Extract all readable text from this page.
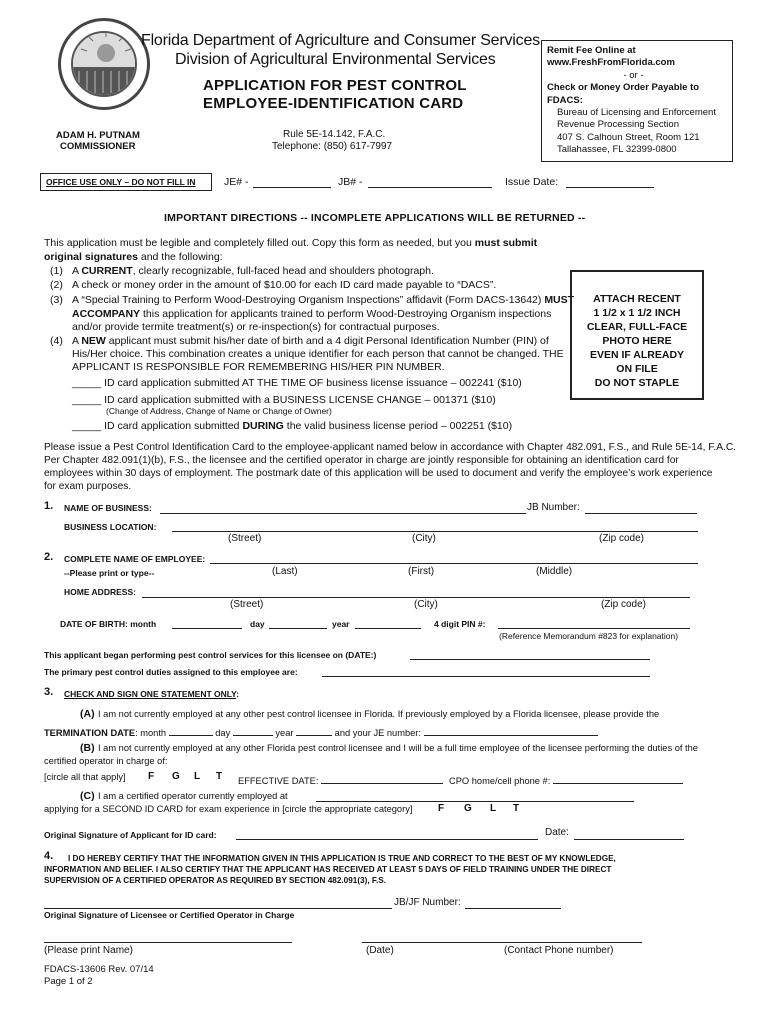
Florida Department of Agriculture and Consumer Services
Division of Agricultural Environmental Services
APPLICATION FOR PEST CONTROL
EMPLOYEE-IDENTIFICATION CARD
ADAM H. PUTNAM
COMMISSIONER
Rule 5E-14.142, F.A.C.
Telephone: (850) 617-7997
Remit Fee Online at
www.FreshFromFlorida.com
- or -
Check or Money Order Payable to
FDACS:
Bureau of Licensing and Enforcement
Revenue Processing Section
407 S. Calhoun Street, Room 121
Tallahassee, FL 32399-0800
OFFICE USE ONLY – DO NOT FILL IN	JE# -	JB# -	Issue Date:
IMPORTANT DIRECTIONS -- INCOMPLETE APPLICATIONS WILL BE RETURNED --
This application must be legible and completely filled out. Copy this form as needed, but you must submit
original signatures and the following:
(1) A CURRENT, clearly recognizable, full-faced head and shoulders photograph.
(2) A check or money order in the amount of $10.00 for each ID card made payable to “DACS”.
(3) A “Special Training to Perform Wood-Destroying Organism Inspections” affidavit (Form DACS-13642) MUST
ACCOMPANY this application for applicants trained to perform Wood-Destroying Organism inspections
and/or provide termite treatment(s) or re-inspection(s) for contractual purposes.
(4) A NEW applicant must submit his/her date of birth and a 4 digit Personal Identification Number (PIN) of
His/Her choice. This combination creates a unique identifier for each person that cannot be changed. THE
APPLICANT IS RESPONSIBLE FOR REMEMBERING HIS/HER PIN NUMBER.
_____ ID card application submitted AT THE TIME OF business license issuance – 002241 ($10)
_____ ID card application submitted with a BUSINESS LICENSE CHANGE – 001371 ($10)
(Change of Address, Change of Name or Change of Owner)
_____ ID card application submitted DURING the valid business license period – 002251 ($10)
ATTACH RECENT
1 1/2 x 1 1/2 INCH
CLEAR, FULL-FACE
PHOTO HERE
EVEN IF ALREADY
ON FILE
DO NOT STAPLE
Please issue a Pest Control Identification Card to the employee-applicant named below in accordance with Chapter 482.091, F.S., and Rule 5E-14, F.A.C.
Per Chapter 482.091(1)(b), F.S., the licensee and the certified operator in charge are jointly responsible for obtaining an identification card for
employees within 30 days of employment. The postmark date of this application will be used to document and verify the employee’s work experience
for exam purposes.
1. NAME OF BUSINESS:	JB Number:
BUSINESS LOCATION:
(Street)	(City)	(Zip code)
2. COMPLETE NAME OF EMPLOYEE:
--Please print or type--	(Last)	(First)	(Middle)
HOME ADDRESS:
(Street)	(City)	(Zip code)
DATE OF BIRTH: month	day	year	4 digit PIN #:
(Reference Memorandum #823 for explanation)
This applicant began performing pest control services for this licensee on (DATE:)
The primary pest control duties assigned to this employee are:
3. CHECK AND SIGN ONE STATEMENT ONLY:
(A) I am not currently employed at any other pest control licensee in Florida. If previously employed by a Florida licensee, please provide the
TERMINATION DATE: month	day	year	and your JE number:
(B) I am not currently employed at any other Florida pest control licensee and I will be a full time employee of the licensee performing the duties of the
certified operator in charge of:
[circle all that apply] F G L T EFFECTIVE DATE:	CPO home/cell phone #:
(C) I am a certified operator currently employed at
applying for a SECOND ID CARD for exam experience in [circle the appropriate category]	F G L T
Original Signature of Applicant for ID card:	Date:
4. I DO HEREBY CERTIFY THAT THE INFORMATION GIVEN IN THIS APPLICATION IS TRUE AND CORRECT TO THE BEST OF MY KNOWLEDGE,
INFORMATION AND BELIEF. I ALSO CERTIFY THAT THE APPLICANT HAS RECEIVED AT LEAST 5 DAYS OF FIELD TRAINING UNDER THE DIRECT
SUPERVISION OF A CERTIFIED OPERATOR AS REQUIRED BY SECTION 482.091(3), F.S.
JB/JF Number:
Original Signature of Licensee or Certified Operator in Charge
(Please print Name)	(Date)	(Contact Phone number)
FDACS-13606 Rev. 07/14
Page 1 of 2
